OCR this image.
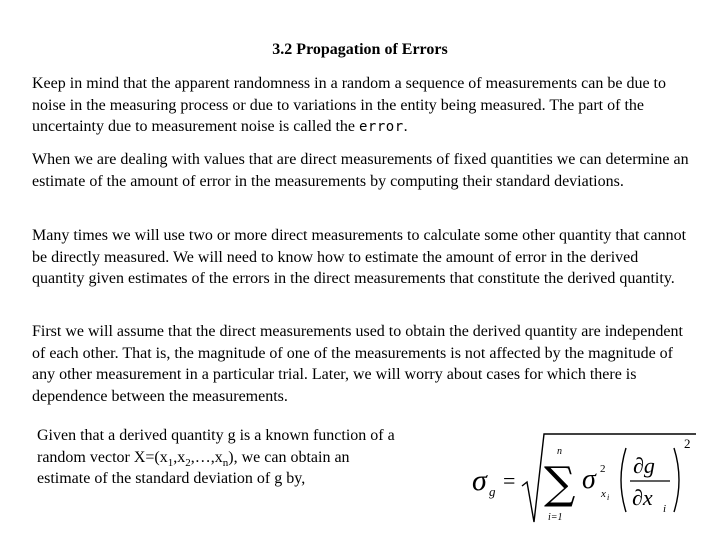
3.2 Propagation of Errors
Keep in mind that the apparent randomness in a random a sequence of measurements can be due to noise in the measuring process or due to variations in the entity being measured. The part of the uncertainty due to measurement noise is called the error.
When we are dealing with values that are direct measurements of fixed quantities we can determine an estimate of the amount of error in the measurements by computing their standard deviations.
Many times we will use two or more direct measurements to calculate some other quantity that cannot be directly measured. We will need to know how to estimate the amount of error in the derived quantity given estimates of the errors in the direct measurements that constitute the derived quantity.
First we will assume that the direct measurements used to obtain the derived quantity are independent of each other. That is, the magnitude of one of the measurements is not affected by the magnitude of any other measurement in a particular trial. Later, we will worry about cases for which there is dependence between the measurements.
Given that a derived quantity g is a known function of a
random vector $X=(x_1,x_2,\dots,x_n)$, we can obtain an
estimate of the standard deviation of g by,	σ g =
n
∑
i=1
σ 2
x i
∂g
∂x i
2
